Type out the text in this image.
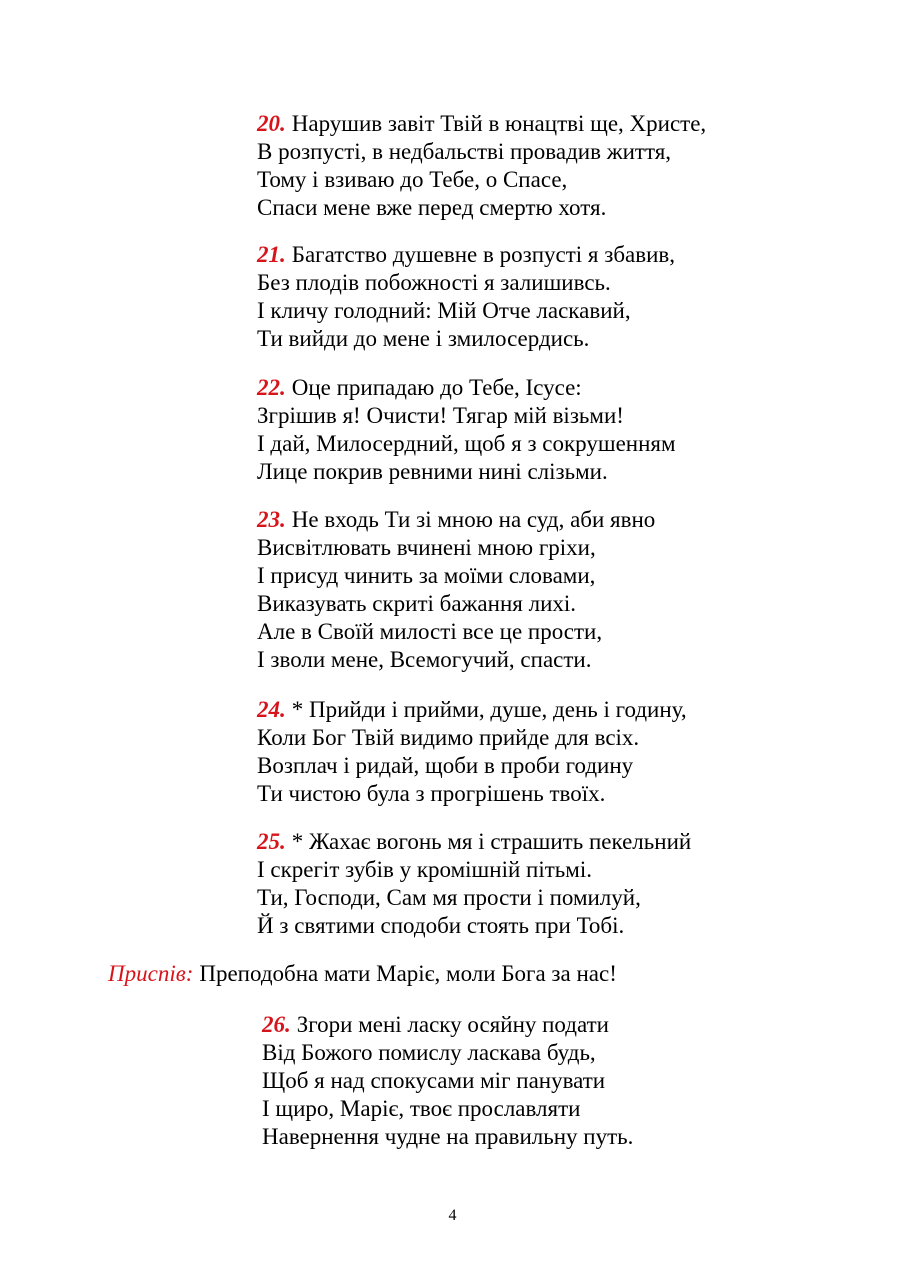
20. Нарушив завіт Твій в юнацтві ще, Христе,
В розпусті, в недбальстві провадив життя,
Тому і взиваю до Тебе, о Спасе,
Спаси мене вже перед смертю хотя.
21. Багатство душевне в розпусті я збавив,
Без плодів побожності я залишивсь.
І кличу голодний: Мій Отче ласкавий,
Ти вийди до мене і змилосердись.
22. Оце припадаю до Тебе, Ісусе:
Згрішив я! Очисти! Тягар мій візьми!
І дай, Милосердний, щоб я з сокрушенням
Лице покрив ревними нині слізьми.
23. Не входь Ти зі мною на суд, аби явно
Висвітлювать вчинені мною гріхи,
І присуд чинить за моїми словами,
Виказувать скриті бажання лихі.
Але в Своїй милості все це прости,
І зволи мене, Всемогучий, спасти.
24. * Прийди і прийми, душе, день і годину,
Коли Бог Твій видимо прийде для всіх.
Возплач і ридай, щоби в проби годину
Ти чистою була з прогрішень твоїх.
25. * Жахає вогонь мя і страшить пекельний
І скрегіт зубів у кромішній пітьмі.
Ти, Господи, Сам мя прости і помилуй,
Й з святими сподоби стоять при Тобі.
Приспів: Преподобна мати Маріє, моли Бога за нас!
26. Згори мені ласку осяйну подати
Від Божого помислу ласкава будь,
Щоб я над спокусами міг панувати
І щиро, Маріє, твоє прославляти
Навернення чудне на правильну путь.
4
